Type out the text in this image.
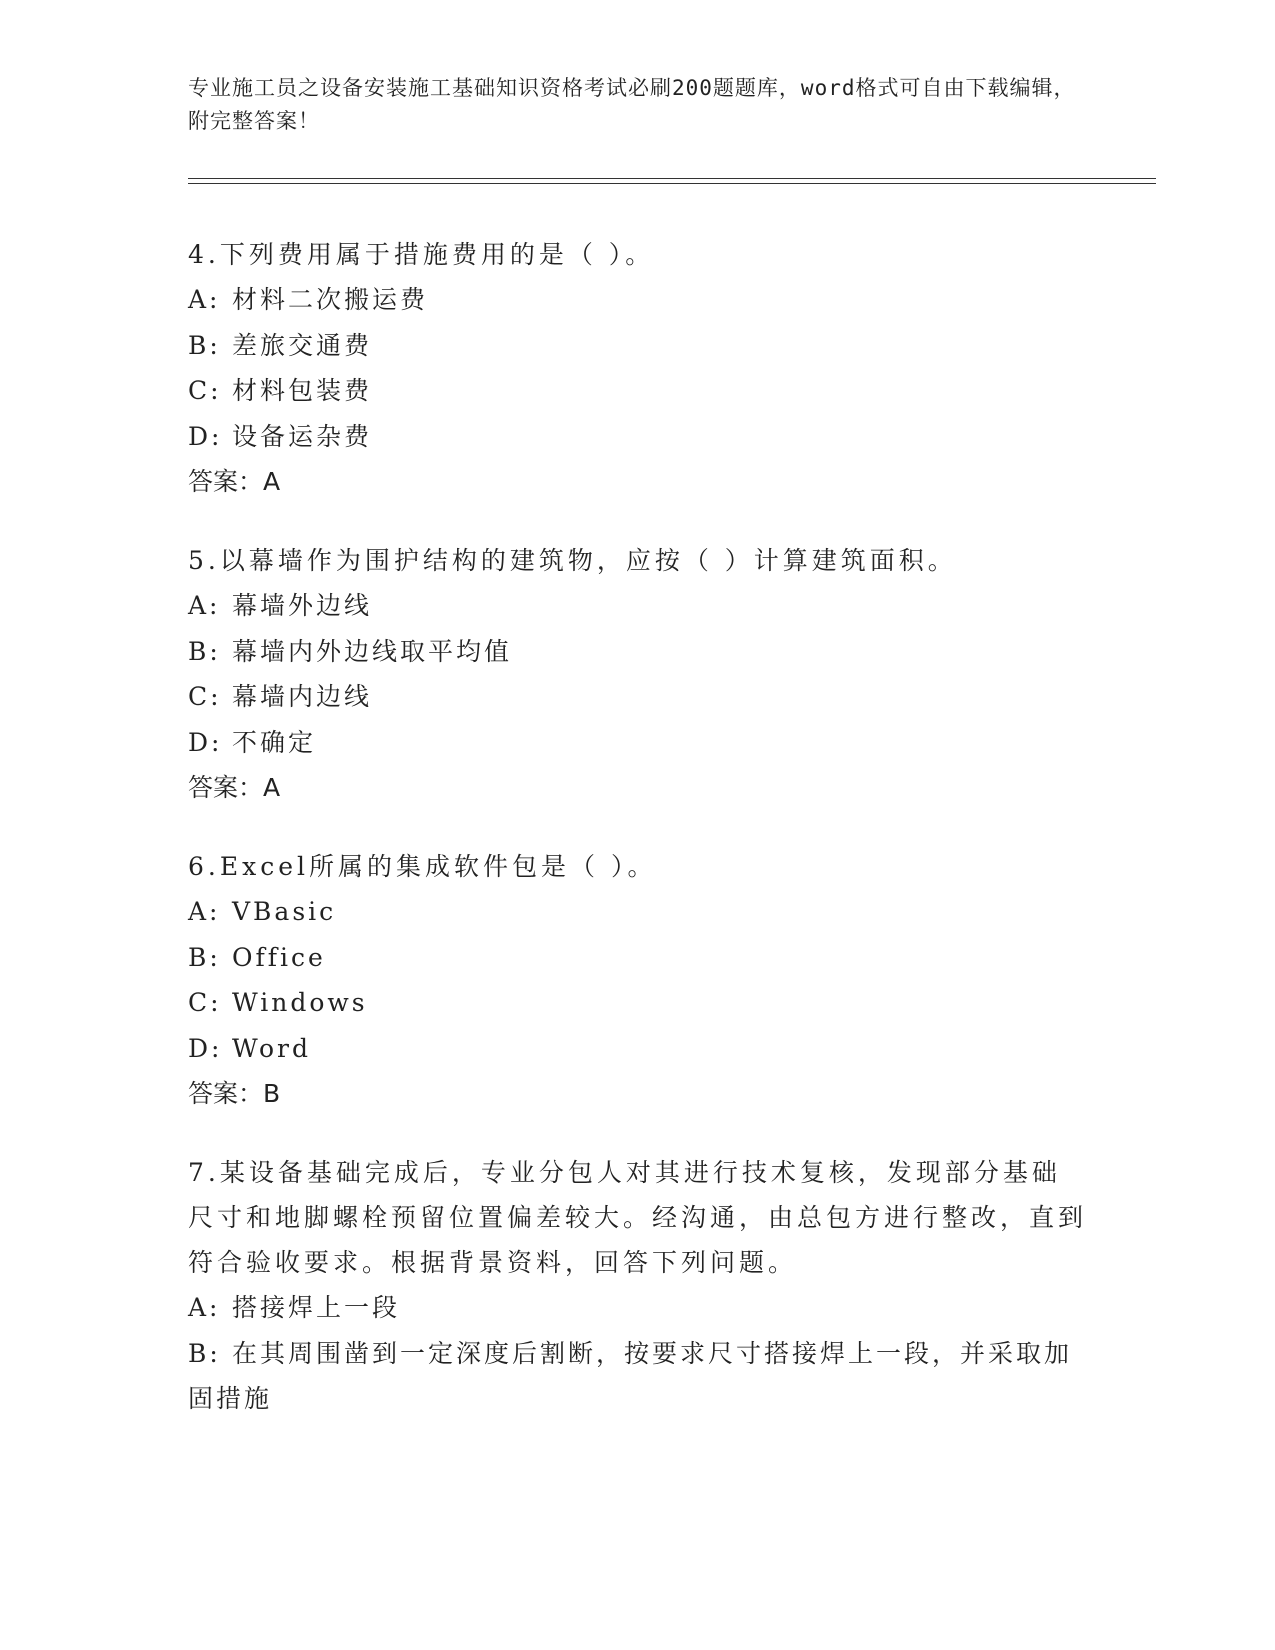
专业施工员之设备安装施工基础知识资格考试必刷200题题库，word格式可自由下载编辑，附完整答案！

4.下列费用属于措施费用的是（ ）。

A: 材料二次搬运费

B: 差旅交通费

C: 材料包装费

D: 设备运杂费

答案：A

5.以幕墙作为围护结构的建筑物，应按（ ）计算建筑面积。

A: 幕墙外边线

B: 幕墙内外边线取平均值

C: 幕墙内边线

D: 不确定

答案：A

6.Excel所属的集成软件包是（ ）。

A: VBasic

B: Office

C: Windows

D: Word

答案：B

7.某设备基础完成后，专业分包人对其进行技术复核，发现部分基础尺寸和地脚螺栓预留位置偏差较大。经沟通，由总包方进行整改，直到符合验收要求。根据背景资料，回答下列问题。

A: 搭接焊上一段

B: 在其周围凿到一定深度后割断，按要求尺寸搭接焊上一段，并采取加固措施
